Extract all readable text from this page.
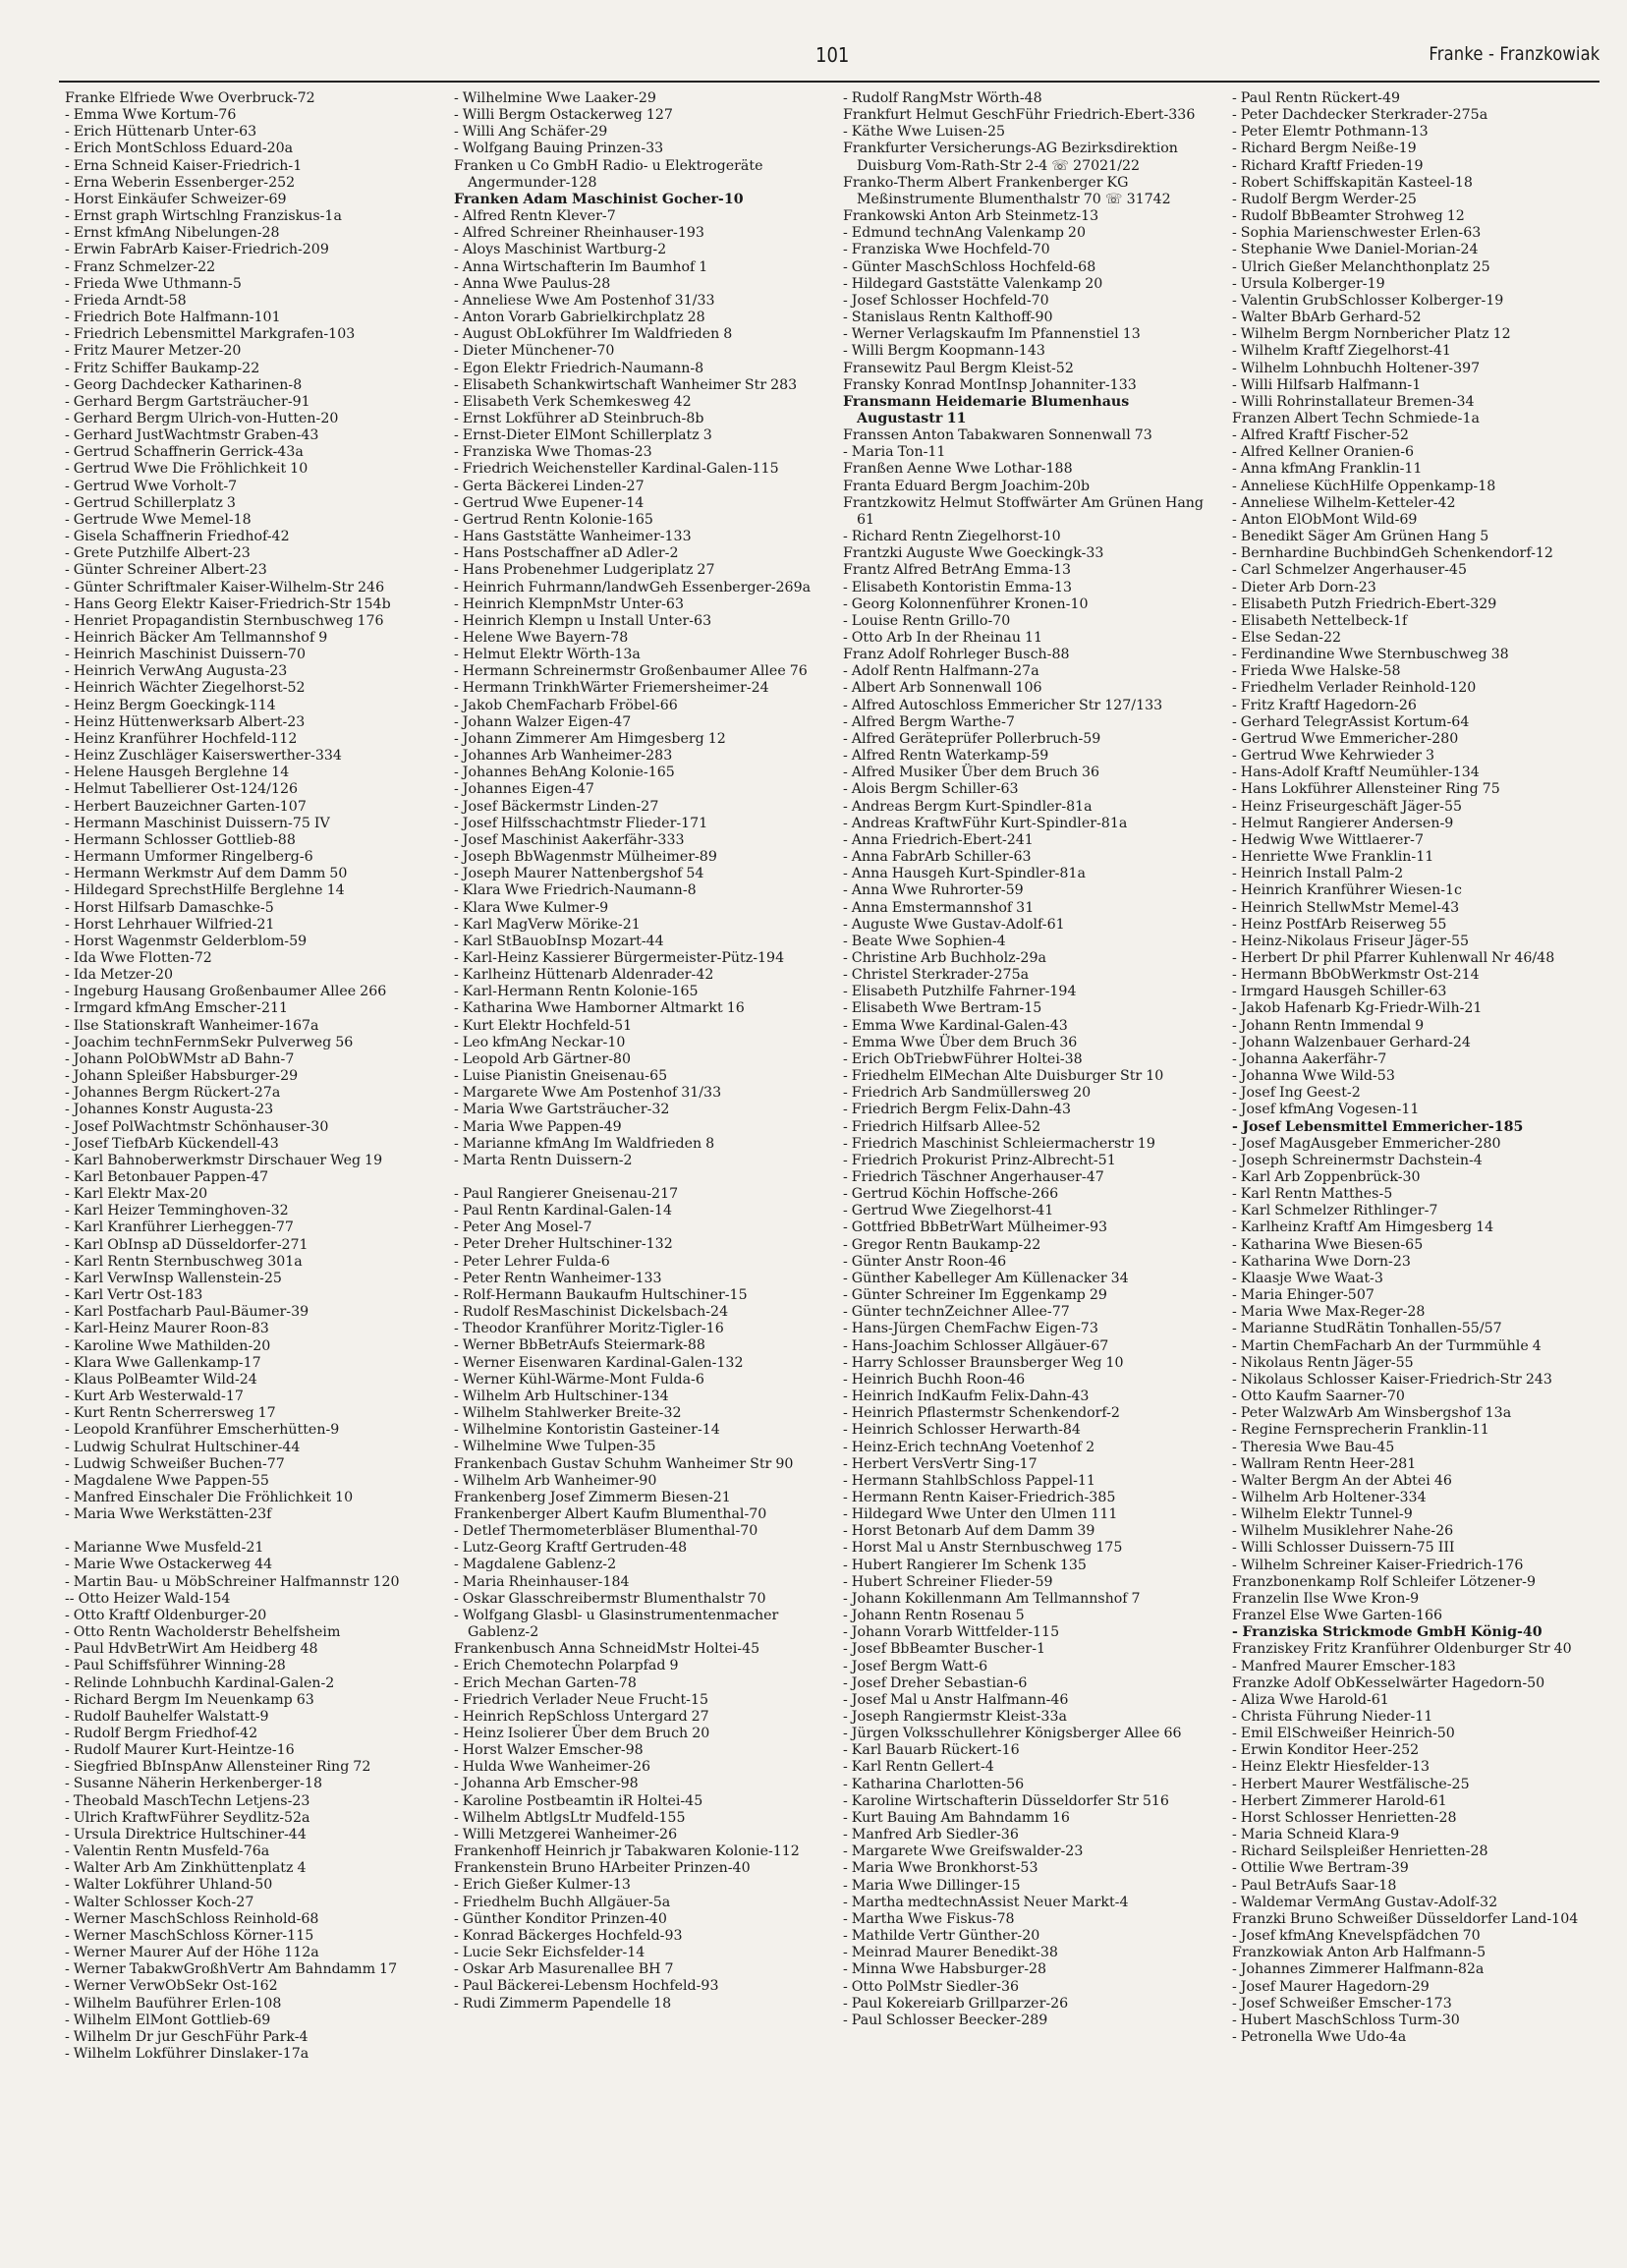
101	Franke - Franzkowiak
Franke Elfriede Wwe Overbruck-72
- Emma Wwe Kortum-76
- Erich Hüttenarb Unter-63
- Erich MontSchloss Eduard-20a
- Erna Schneid Kaiser-Friedrich-1
- Erna Weberin Essenberger-252
- Horst Einkäufer Schweizer-69
- Ernst graph Wirtschlng Franziskus-1a
- Ernst kfmAng Nibelungen-28
- Erwin FabrArb Kaiser-Friedrich-209
- Franz Schmelzer-22
- Frieda Wwe Uthmann-5
- Frieda Arndt-58
- Friedrich Bote Halfmann-101
- Friedrich Lebensmittel Markgrafen-103
- Fritz Maurer Metzer-20
- Fritz Schiffer Baukamp-22
- Georg Dachdecker Katharinen-8
- Gerhard Bergm Gartsträucher-91
- Gerhard Bergm Ulrich-von-Hutten-20
- Gerhard JustWachtmstr Graben-43
- Gertrud Schaffnerin Gerrick-43a
- Gertrud Wwe Die Fröhlichkeit 10
- Gertrud Wwe Vorholt-7
- Gertrud Schillerplatz 3
- Gertrude Wwe Memel-18
- Gisela Schaffnerin Friedhof-42
- Grete Putzhilfe Albert-23
- Günter Schreiner Albert-23
- Günter Schriftmaler Kaiser-Wilhelm-Str 246
- Hans Georg Elektr Kaiser-Friedrich-Str 154b
- Henriet Propagandistin Sternbuschweg 176
- Heinrich Bäcker Am Tellmannshof 9
- Heinrich Maschinist Duissern-70
- Heinrich VerwAng Augusta-23
- Heinrich Wächter Ziegelhorst-52
- Heinz Bergm Goeckingk-114
- Heinz Hüttenwerksarb Albert-23
- Heinz Kranführer Hochfeld-112
- Heinz Zuschläger Kaiserswerther-334
- Helene Hausgeh Berglehne 14
- Helmut Tabellierer Ost-124/126
- Herbert Bauzeichner Garten-107
- Hermann Maschinist Duissern-75 IV
- Hermann Schlosser Gottlieb-88
- Hermann Umformer Ringelberg-6
- Hermann Werkmstr Auf dem Damm 50
- Hildegard SprechstHilfe Berglehne 14
- Horst Hilfsarb Damaschke-5
- Horst Lehrhauer Wilfried-21
- Horst Wagenmstr Gelderblom-59
- Ida Wwe Flotten-72
- Ida Metzer-20
- Ingeburg Hausang Großenbaumer Allee 266
- Irmgard kfmAng Emscher-211
- Ilse Stationskraft Wanheimer-167a
- Joachim technFernmSekr Pulverweg 56
- Johann PolObWMstr aD Bahn-7
- Johann Spleißer Habsburger-29
- Johannes Bergm Rückert-27a
- Johannes Konstr Augusta-23
- Josef PolWachtmstr Schönhauser-30
- Josef TiefbArb Kückendell-43
- Karl Bahnoberwerkmstr Dirschauer Weg 19
- Karl Betonbauer Pappen-47
- Karl Elektr Max-20
- Karl Heizer Temminghoven-32
- Karl Kranführer Lierheggen-77
- Karl ObInsp aD Düsseldorfer-271
- Karl Rentn Sternbuschweg 301a
- Karl VerwInsp Wallenstein-25
- Karl Vertr Ost-183
- Karl Postfacharb Paul-Bäumer-39
- Karl-Heinz Maurer Roon-83
- Karoline Wwe Mathilden-20
- Klara Wwe Gallenkamp-17
- Klaus PolBeamter Wild-24
- Kurt Arb Westerwald-17
- Kurt Rentn Scherrersweg 17
- Leopold Kranführer Emscherhütten-9
- Ludwig Schulrat Hultschiner-44
- Ludwig Schweißer Buchen-77
- Magdalene Wwe Pappen-55
- Manfred Einschaler Die Fröhlichkeit 10
- Maria Wwe Werkstätten-23f
- Marianne Wwe Musfeld-21
- Marie Wwe Ostackerweg 44
- Martin Bau- u MöbSchreiner Halfmannstr 120
-- Otto Heizer Wald-154
- Otto Kraftf Oldenburger-20
- Otto Rentn Wacholderstr Behelfsheim
- Paul HdvBetrWirt Am Heidberg 48
- Paul Schiffsführer Winning-28
- Relinde Lohnbuchh Kardinal-Galen-2
- Richard Bergm Im Neuenkamp 63
- Rudolf Bauhelfer Walstatt-9
- Rudolf Bergm Friedhof-42
- Rudolf Maurer Kurt-Heintze-16
- Siegfried BbInspAnw Allensteiner Ring 72
- Susanne Näherin Herkenberger-18
- Theobald MaschTechn Letjens-23
- Ulrich KraftwFührer Seydlitz-52a
- Ursula Direktrice Hultschiner-44
- Valentin Rentn Musfeld-76a
- Walter Arb Am Zinkhüttenplatz 4
- Walter Lokführer Uhland-50
- Walter Schlosser Koch-27
- Werner MaschSchloss Reinhold-68
- Werner MaschSchloss Körner-115
- Werner Maurer Auf der Höhe 112a
- Werner TabakwGroßhVertr Am Bahndamm 17
- Werner VerwObSekr Ost-162
- Wilhelm Bauführer Erlen-108
- Wilhelm ElMont Gottlieb-69
- Wilhelm Dr jur GeschFühr Park-4
- Wilhelm Lokführer Dinslaker-17a
- Wilhelmine Wwe Laaker-29
- Willi Bergm Ostackerweg 127
- Willi Ang Schäfer-29
- Wolfgang Bauing Prinzen-33
Franken u Co GmbH Radio- u Elektrogeräte Angermunder-128
Franken Adam Maschinist Gocher-10
- Alfred Rentn Klever-7
- Alfred Schreiner Rheinhauser-193
- Aloys Maschinist Wartburg-2
- Anna Wirtschafterin Im Baumhof 1
- Anna Wwe Paulus-28
- Anneliese Wwe Am Postenhof 31/33
- Anton Vorarb Gabrielkirchplatz 28
- August ObLokführer Im Waldfrieden 8
- Dieter Münchener-70
- Egon Elektr Friedrich-Naumann-8
- Elisabeth Schankwirtschaft Wanheimer Str 283
- Elisabeth Verk Schemkesweg 42
- Ernst Lokführer aD Steinbruch-8b
- Ernst-Dieter ElMont Schillerplatz 3
- Franziska Wwe Thomas-23
- Friedrich Weichensteller Kardinal-Galen-115
- Gerta Bäckerei Linden-27
- Gertrud Wwe Eupener-14
- Gertrud Rentn Kolonie-165
- Hans Gaststätte Wanheimer-133
- Hans Postschaffner aD Adler-2
- Hans Probenehmer Ludgeriplatz 27
- Heinrich Fuhrmann/landwGeh Essenberger-269a
- Heinrich KlempnMstr Unter-63
- Heinrich Klempn u Install Unter-63
- Helene Wwe Bayern-78
- Helmut Elektr Wörth-13a
- Hermann Schreinermstr Großenbaumer Allee 76
- Hermann TrinkhWärter Friemersheimer-24
- Jakob ChemFacharb Fröbel-66
- Johann Walzer Eigen-47
- Johann Zimmerer Am Himgesberg 12
- Johannes Arb Wanheimer-283
- Johannes BehAng Kolonie-165
- Johannes Eigen-47
- Josef Bäckermstr Linden-27
- Josef Hilfsschachtmstr Flieder-171
- Josef Maschinist Aakerfähr-333
- Joseph BbWagenmstr Mülheimer-89
- Joseph Maurer Nattenbergshof 54
- Klara Wwe Friedrich-Naumann-8
- Klara Wwe Kulmer-9
- Karl MagVerw Mörike-21
- Karl StBauobInsp Mozart-44
- Karl-Heinz Kassierer Bürgermeister-Pütz-194
- Karlheinz Hüttenarb Aldenrader-42
- Karl-Hermann Rentn Kolonie-165
- Katharina Wwe Hamborner Altmarkt 16
- Kurt Elektr Hochfeld-51
- Leo kfmAng Neckar-10
- Leopold Arb Gärtner-80
- Luise Pianistin Gneisenau-65
- Margarete Wwe Am Postenhof 31/33
- Maria Wwe Gartsträucher-32
- Maria Wwe Pappen-49
- Marianne kfmAng Im Waldfrieden 8
- Marta Rentn Duissern-2
- Paul Rangierer Gneisenau-217
- Paul Rentn Kardinal-Galen-14
- Peter Ang Mosel-7
- Peter Dreher Hultschiner-132
- Peter Lehrer Fulda-6
- Peter Rentn Wanheimer-133
- Rolf-Hermann Baukaufm Hultschiner-15
- Rudolf ResMaschinist Dickelsbach-24
- Theodor Kranführer Moritz-Tigler-16
- Werner BbBetrAufs Steiermark-88
- Werner Eisenwaren Kardinal-Galen-132
- Werner Kühl-Wärme-Mont Fulda-6
- Wilhelm Arb Hultschiner-134
- Wilhelm Stahlwerker Breite-32
- Wilhelmine Kontoristin Gasteiner-14
- Wilhelmine Wwe Tulpen-35
Frankenbach Gustav Schuhm Wanheimer Str 90
- Wilhelm Arb Wanheimer-90
Frankenberg Josef Zimmerm Biesen-21
Frankenberger Albert Kaufm Blumenthal-70
- Detlef Thermometerbläser Blumenthal-70
- Lutz-Georg Kraftf Gertruden-48
- Magdalene Gablenz-2
- Maria Rheinhauser-184
- Oskar Glasschreibermstr Blumenthalstr 70
- Wolfgang Glasbl- u Glasinstrumentenmacher Gablenz-2
Frankenbusch Anna SchneidMstr Holtei-45
- Erich Chemotechn Polarpfad 9
- Erich Mechan Garten-78
- Friedrich Verlader Neue Frucht-15
- Heinrich RepSchloss Untergard 27
- Heinz Isolierer Über dem Bruch 20
- Horst Walzer Emscher-98
- Hulda Wwe Wanheimer-26
- Johanna Arb Emscher-98
- Karoline Postbeamtin iR Holtei-45
- Wilhelm AbtlgsLtr Mudfeld-155
- Willi Metzgerei Wanheimer-26
Frankenhoff Heinrich jr Tabakwaren Kolonie-112
Frankenstein Bruno HArbeiter Prinzen-40
- Erich Gießer Kulmer-13
- Friedhelm Buchh Allgäuer-5a
- Günther Konditor Prinzen-40
- Konrad Bäckerges Hochfeld-93
- Lucie Sekr Eichsfelder-14
- Oskar Arb Masurenallee BH 7
- Paul Bäckerei-Lebensm Hochfeld-93
- Rudi Zimmerm Papendelle 18
- Rudolf RangMstr Wörth-48
Frankfurt Helmut GeschFühr Friedrich-Ebert-336
- Käthe Wwe Luisen-25
Frankfurter Versicherungs-AG Bezirksdirektion Duisburg Vom-Rath-Str 2-4 ☏ 27021/22
Franko-Therm Albert Frankenberger KG Meßinstrumente Blumenthalstr 70 ☏ 31742
Frankowski Anton Arb Steinmetz-13
- Edmund technAng Valenkamp 20
- Franziska Wwe Hochfeld-70
- Günter MaschSchloss Hochfeld-68
- Hildegard Gaststätte Valenkamp 20
- Josef Schlosser Hochfeld-70
- Stanislaus Rentn Kalthoff-90
- Werner Verlagskaufm Im Pfannenstiel 13
- Willi Bergm Koopmann-143
Fransewitz Paul Bergm Kleist-52
Fransky Konrad MontInsp Johanniter-133
Fransmann Heidemarie Blumenhaus Augustastr 11
Franssen Anton Tabakwaren Sonnenwall 73
- Maria Ton-11
Franßen Aenne Wwe Lothar-188
Franta Eduard Bergm Joachim-20b
Frantzkowitz Helmut Stoffwärter Am Grünen Hang 61
- Richard Rentn Ziegelhorst-10
Frantzki Auguste Wwe Goeckingk-33
Frantz Alfred BetrAng Emma-13
- Elisabeth Kontoristin Emma-13
- Georg Kolonnenführer Kronen-10
- Louise Rentn Grillo-70
- Otto Arb In der Rheinau 11
Franz Adolf Rohrleger Busch-88
- Adolf Rentn Halfmann-27a
- Albert Arb Sonnenwall 106
- Alfred Autoschloss Emmericher Str 127/133
- Alfred Bergm Warthe-7
- Alfred Geräteprüfer Pollerbruch-59
- Alfred Rentn Waterkamp-59
- Alfred Musiker Über dem Bruch 36
- Alois Bergm Schiller-63
- Andreas Bergm Kurt-Spindler-81a
- Andreas KraftwFühr Kurt-Spindler-81a
- Anna Friedrich-Ebert-241
- Anna FabrArb Schiller-63
- Anna Hausgeh Kurt-Spindler-81a
- Anna Wwe Ruhrorter-59
- Anna Emstermannshof 31
- Auguste Wwe Gustav-Adolf-61
- Beate Wwe Sophien-4
- Christine Arb Buchholz-29a
- Christel Sterkrader-275a
- Elisabeth Putzhilfe Fahrner-194
- Elisabeth Wwe Bertram-15
- Emma Wwe Kardinal-Galen-43
- Emma Wwe Über dem Bruch 36
- Erich ObTriebwFührer Holtei-38
- Friedhelm ElMechan Alte Duisburger Str 10
- Friedrich Arb Sandmüllersweg 20
- Friedrich Bergm Felix-Dahn-43
- Friedrich Hilfsarb Allee-52
- Friedrich Maschinist Schleiermacherstr 19
- Friedrich Prokurist Prinz-Albrecht-51
- Friedrich Täschner Angerhauser-47
- Gertrud Köchin Hoffsche-266
- Gertrud Wwe Ziegelhorst-41
- Gottfried BbBetrWart Mülheimer-93
- Gregor Rentn Baukamp-22
- Günter Anstr Roon-46
- Günther Kabelleger Am Küllenacker 34
- Günter Schreiner Im Eggenkamp 29
- Günter technZeichner Allee-77
- Hans-Jürgen ChemFachw Eigen-73
- Hans-Joachim Schlosser Allgäuer-67
- Harry Schlosser Braunsberger Weg 10
- Heinrich Buchh Roon-46
- Heinrich IndKaufm Felix-Dahn-43
- Heinrich Pflastermstr Schenkendorf-2
- Heinrich Schlosser Herwarth-84
- Heinz-Erich technAng Voetenhof 2
- Herbert VersVertr Sing-17
- Hermann StahlbSchloss Pappel-11
- Hermann Rentn Kaiser-Friedrich-385
- Hildegard Wwe Unter den Ulmen 111
- Horst Betonarb Auf dem Damm 39
- Horst Mal u Anstr Sternbuschweg 175
- Hubert Rangierer Im Schenk 135
- Hubert Schreiner Flieder-59
- Johann Kokillenmann Am Tellmannshof 7
- Johann Rentn Rosenau 5
- Johann Vorarb Wittfelder-115
- Josef BbBeamter Buscher-1
- Josef Bergm Watt-6
- Josef Dreher Sebastian-6
- Josef Mal u Anstr Halfmann-46
- Joseph Rangiermstr Kleist-33a
- Jürgen Volksschullehrer Königsberger Allee 66
- Karl Bauarb Rückert-16
- Karl Rentn Gellert-4
- Katharina Charlotten-56
- Karoline Wirtschafterin Düsseldorfer Str 516
- Kurt Bauing Am Bahndamm 16
- Manfred Arb Siedler-36
- Margarete Wwe Greifswalder-23
- Maria Wwe Bronkhorst-53
- Maria Wwe Dillinger-15
- Martha medtechnAssist Neuer Markt-4
- Martha Wwe Fiskus-78
- Mathilde Vertr Günther-20
- Meinrad Maurer Benedikt-38
- Minna Wwe Habsburger-28
- Otto PolMstr Siedler-36
- Paul Kokereiarb Grillparzer-26
- Paul Schlosser Beecker-289
- Paul Rentn Rückert-49
- Peter Dachdecker Sterkrader-275a
- Peter Elemtr Pothmann-13
- Richard Bergm Neiße-19
- Richard Kraftf Frieden-19
- Robert Schiffskapitän Kasteel-18
- Rudolf Bergm Werder-25
- Rudolf BbBeamter Strohweg 12
- Sophia Marienschwester Erlen-63
- Stephanie Wwe Daniel-Morian-24
- Ulrich Gießer Melanchthonplatz 25
- Ursula Kolberger-19
- Valentin GrubSchlosser Kolberger-19
- Walter BbArb Gerhard-52
- Wilhelm Bergm Nornbericher Platz 12
- Wilhelm Kraftf Ziegelhorst-41
- Wilhelm Lohnbuchh Holtener-397
- Willi Hilfsarb Halfmann-1
- Willi Rohrinstallateur Bremen-34
Franzen Albert Techn Schmiede-1a
- Alfred Kraftf Fischer-52
- Alfred Kellner Oranien-6
- Anna kfmAng Franklin-11
- Anneliese KüchHilfe Oppenkamp-18
- Anneliese Wilhelm-Ketteler-42
- Anton ElObMont Wild-69
- Benedikt Säger Am Grünen Hang 5
- Bernhardine BuchbindGeh Schenkendorf-12
- Carl Schmelzer Angerhauser-45
- Dieter Arb Dorn-23
- Elisabeth Putzh Friedrich-Ebert-329
- Elisabeth Nettelbeck-1f
- Else Sedan-22
- Ferdinandine Wwe Sternbuschweg 38
- Frieda Wwe Halske-58
- Friedhelm Verlader Reinhold-120
- Fritz Kraftf Hagedorn-26
- Gerhard TelegrAssist Kortum-64
- Gertrud Wwe Emmericher-280
- Gertrud Wwe Kehrwieder 3
- Hans-Adolf Kraftf Neumühler-134
- Hans Lokführer Allensteiner Ring 75
- Heinz Friseurgeschäft Jäger-55
- Helmut Rangierer Andersen-9
- Hedwig Wwe Wittlaerer-7
- Henriette Wwe Franklin-11
- Heinrich Install Palm-2
- Heinrich Kranführer Wiesen-1c
- Heinrich StellwMstr Memel-43
- Heinz PostfArb Reiserweg 55
- Heinz-Nikolaus Friseur Jäger-55
- Herbert Dr phil Pfarrer Kuhlenwall Nr 46/48
- Hermann BbObWerkmstr Ost-214
- Irmgard Hausgeh Schiller-63
- Jakob Hafenarb Kg-Friedr-Wilh-21
- Johann Rentn Immendal 9
- Johann Walzenbauer Gerhard-24
- Johanna Aakerfähr-7
- Johanna Wwe Wild-53
- Josef Ing Geest-2
- Josef kfmAng Vogesen-11
- Josef Lebensmittel Emmericher-185
- Josef MagAusgeber Emmericher-280
- Joseph Schreinermstr Dachstein-4
- Karl Arb Zoppenbrück-30
- Karl Rentn Matthes-5
- Karl Schmelzer Rithlinger-7
- Karlheinz Kraftf Am Himgesberg 14
- Katharina Wwe Biesen-65
- Katharina Wwe Dorn-23
- Klaasje Wwe Waat-3
- Maria Ehinger-507
- Maria Wwe Max-Reger-28
- Marianne StudRätin Tonhallen-55/57
- Martin ChemFacharb An der Turmmühle 4
- Nikolaus Rentn Jäger-55
- Nikolaus Schlosser Kaiser-Friedrich-Str 243
- Otto Kaufm Saarner-70
- Peter WalzwArb Am Winsbergshof 13a
- Regine Fernsprecherin Franklin-11
- Theresia Wwe Bau-45
- Wallram Rentn Heer-281
- Walter Bergm An der Abtei 46
- Wilhelm Arb Holtener-334
- Wilhelm Elektr Tunnel-9
- Wilhelm Musiklehrer Nahe-26
- Willi Schlosser Duissern-75 III
- Wilhelm Schreiner Kaiser-Friedrich-176
Franzbonenkamp Rolf Schleifer Lötzener-9
Franzelin Ilse Wwe Kron-9
Franzel Else Wwe Garten-166
- Franziska Strickmode GmbH König-40
Franziskey Fritz Kranführer Oldenburger Str 40
- Manfred Maurer Emscher-183
Franzke Adolf ObKesselwärter Hagedorn-50
- Aliza Wwe Harold-61
- Christa Führung Nieder-11
- Emil ElSchweißer Heinrich-50
- Erwin Konditor Heer-252
- Heinz Elektr Hiesfelder-13
- Herbert Maurer Westfälische-25
- Herbert Zimmerer Harold-61
- Horst Schlosser Henrietten-28
- Maria Schneid Klara-9
- Richard Seilspleißer Henrietten-28
- Ottilie Wwe Bertram-39
- Paul BetrAufs Saar-18
- Waldemar VermAng Gustav-Adolf-32
Franzki Bruno Schweißer Düsseldorfer Land-104
- Josef kfmAng Knevelspfädchen 70
Franzkowiak Anton Arb Halfmann-5
- Johannes Zimmerer Halfmann-82a
- Josef Maurer Hagedorn-29
- Josef Schweißer Emscher-173
- Hubert MaschSchloss Turm-30
- Petronella Wwe Udo-4a
